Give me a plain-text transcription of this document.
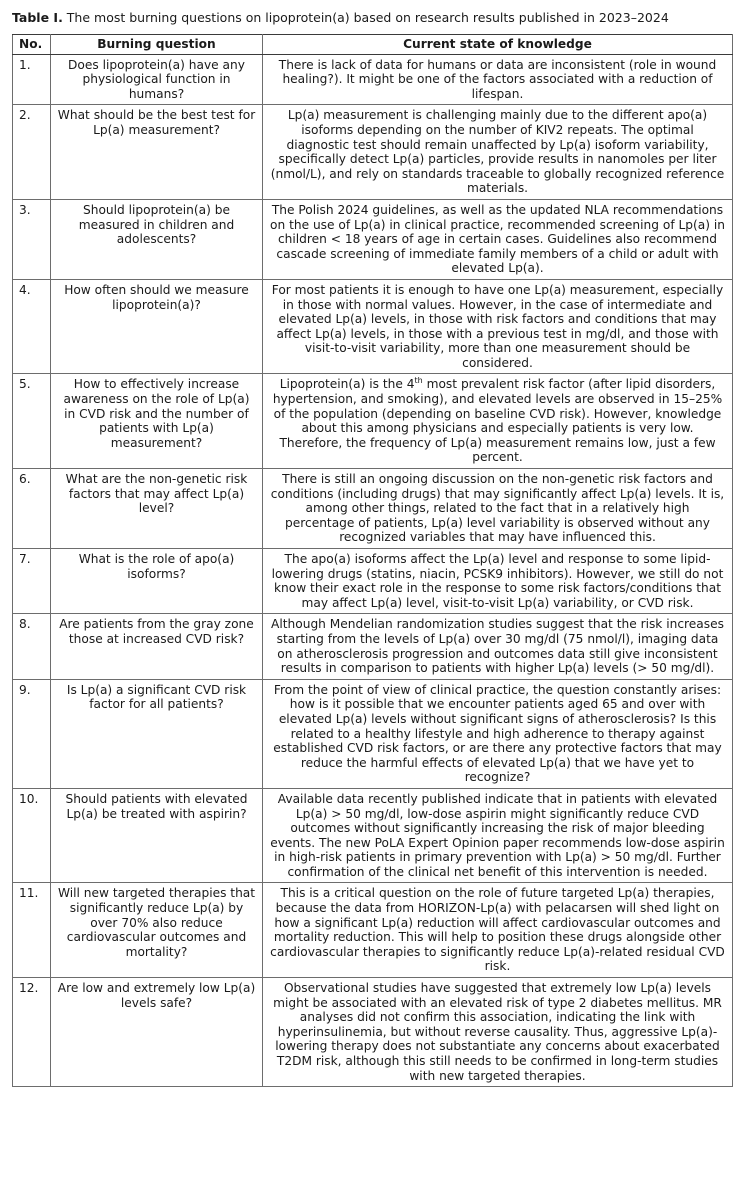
Table I. The most burning questions on lipoprotein(a) based on research results published in 2023–2024
No.	Burning question	Current state of knowledge
1.	Does lipoprotein(a) have any physiological function in humans?	There is lack of data for humans or data are inconsistent (role in wound healing?). It might be one of the factors associated with a reduction of lifespan.
2.	What should be the best test for Lp(a) measurement?	Lp(a) measurement is challenging mainly due to the different apo(a) isoforms depending on the number of KIV2 repeats. The optimal diagnostic test should remain unaffected by Lp(a) isoform variability, specifically detect Lp(a) particles, provide results in nanomoles per liter (nmol/L), and rely on standards traceable to globally recognized reference materials.
3.	Should lipoprotein(a) be measured in children and adolescents?	The Polish 2024 guidelines, as well as the updated NLA recommendations on the use of Lp(a) in clinical practice, recommended screening of Lp(a) in children < 18 years of age in certain cases. Guidelines also recommend cascade screening of immediate family members of a child or adult with elevated Lp(a).
4.	How often should we measure lipoprotein(a)?	For most patients it is enough to have one Lp(a) measurement, especially in those with normal values. However, in the case of intermediate and elevated Lp(a) levels, in those with risk factors and conditions that may affect Lp(a) levels, in those with a previous test in mg/dl, and those with visit-to-visit variability, more than one measurement should be considered.
5.	How to effectively increase awareness on the role of Lp(a) in CVD risk and the number of patients with Lp(a) measurement?	Lipoprotein(a) is the 4th most prevalent risk factor (after lipid disorders, hypertension, and smoking), and elevated levels are observed in 15–25% of the population (depending on baseline CVD risk). However, knowledge about this among physicians and especially patients is very low. Therefore, the frequency of Lp(a) measurement remains low, just a few percent.
6.	What are the non-genetic risk factors that may affect Lp(a) level?	There is still an ongoing discussion on the non-genetic risk factors and conditions (including drugs) that may significantly affect Lp(a) levels. It is, among other things, related to the fact that in a relatively high percentage of patients, Lp(a) level variability is observed without any recognized variables that may have influenced this.
7.	What is the role of apo(a) isoforms?	The apo(a) isoforms affect the Lp(a) level and response to some lipid-lowering drugs (statins, niacin, PCSK9 inhibitors). However, we still do not know their exact role in the response to some risk factors/conditions that may affect Lp(a) level, visit-to-visit Lp(a) variability, or CVD risk.
8.	Are patients from the gray zone those at increased CVD risk?	Although Mendelian randomization studies suggest that the risk increases starting from the levels of Lp(a) over 30 mg/dl (75 nmol/l), imaging data on atherosclerosis progression and outcomes data still give inconsistent results in comparison to patients with higher Lp(a) levels (> 50 mg/dl).
9.	Is Lp(a) a significant CVD risk factor for all patients?	From the point of view of clinical practice, the question constantly arises: how is it possible that we encounter patients aged 65 and over with elevated Lp(a) levels without significant signs of atherosclerosis? Is this related to a healthy lifestyle and high adherence to therapy against established CVD risk factors, or are there any protective factors that may reduce the harmful effects of elevated Lp(a) that we have yet to recognize?
10.	Should patients with elevated Lp(a) be treated with aspirin?	Available data recently published indicate that in patients with elevated Lp(a) > 50 mg/dl, low-dose aspirin might significantly reduce CVD outcomes without significantly increasing the risk of major bleeding events. The new PoLA Expert Opinion paper recommends low-dose aspirin in high-risk patients in primary prevention with Lp(a) > 50 mg/dl. Further confirmation of the clinical net benefit of this intervention is needed.
11.	Will new targeted therapies that significantly reduce Lp(a) by over 70% also reduce cardiovascular outcomes and mortality?	This is a critical question on the role of future targeted Lp(a) therapies, because the data from HORIZON-Lp(a) with pelacarsen will shed light on how a significant Lp(a) reduction will affect cardiovascular outcomes and mortality reduction. This will help to position these drugs alongside other cardiovascular therapies to significantly reduce Lp(a)-related residual CVD risk.
12.	Are low and extremely low Lp(a) levels safe?	Observational studies have suggested that extremely low Lp(a) levels might be associated with an elevated risk of type 2 diabetes mellitus. MR analyses did not confirm this association, indicating the link with hyperinsulinemia, but without reverse causality. Thus, aggressive Lp(a)-lowering therapy does not substantiate any concerns about exacerbated T2DM risk, although this still needs to be confirmed in long-term studies with new targeted therapies.
